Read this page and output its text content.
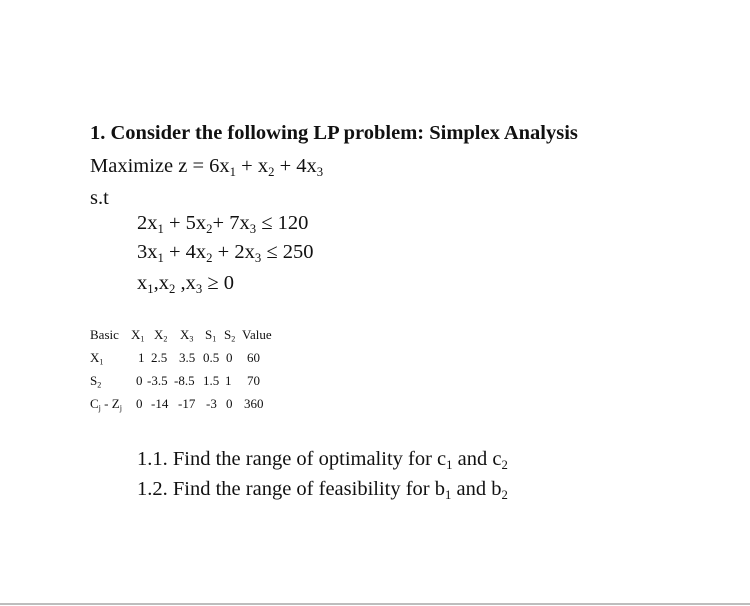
1. Consider the following LP problem: Simplex Analysis
Maximize $z = 6x_1 + x_2 + 4x_3$
s.t
$2x_1 + 5x_2+ 7x_3 \le 120$
$3x_1 + 4x_2 + 2x_3 \le 250$
$x_1,x_2$ $,x_3 \ge 0$
Basic $X_1$ $X_2$ $X_3$ $S_1$ $S_2$ Value
$X_1$	1 2.5 3.5 0.5 0 60
$S_2$	0 -3.5 -8.5 1.5 1 70
$C_j - Z_j$ 0 -14 -17 -3 0 360
1.1. Find the range of optimality for $c_1$ and $c_2$
1.2. Find the range of feasibility for $b_1$ and $b_2$
